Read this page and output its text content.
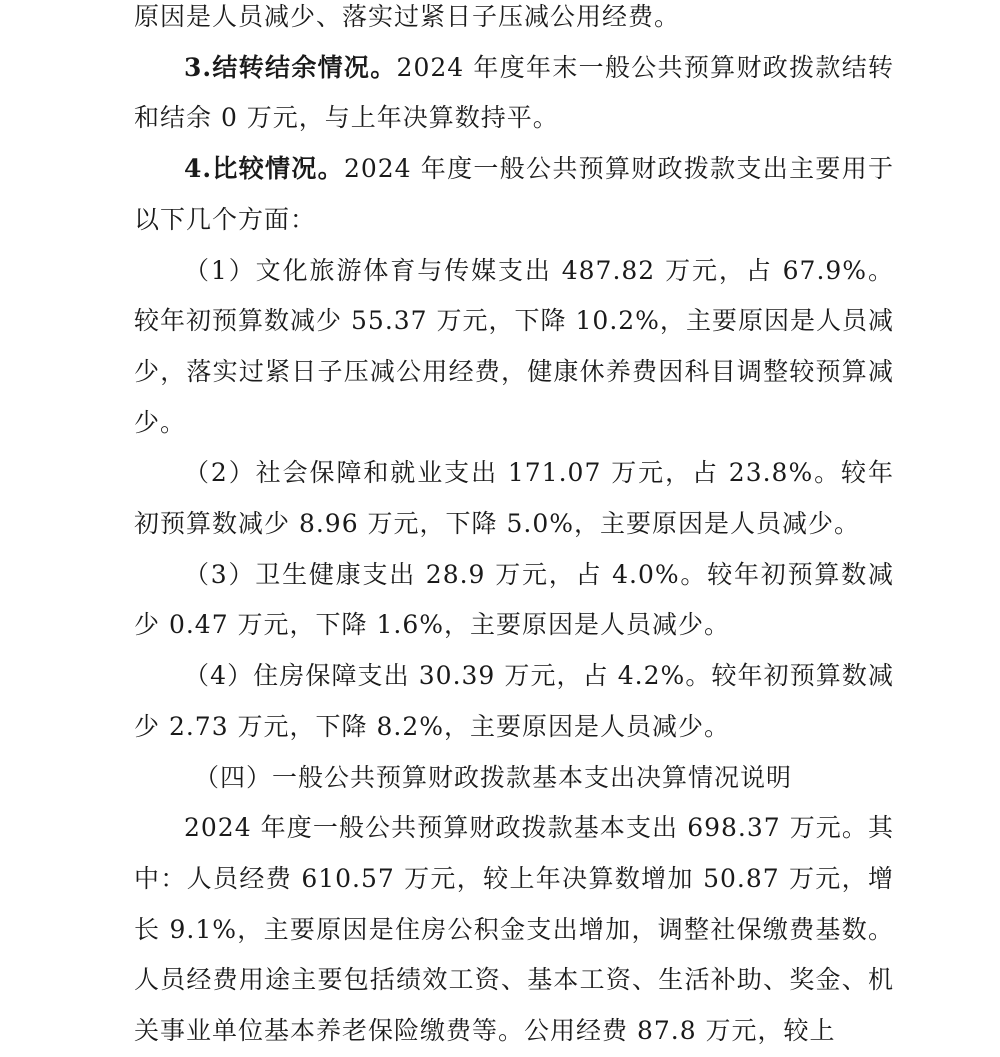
原因是人员减少、落实过紧日子压减公用经费。

3.结转结余情况。2024 年度年末一般公共预算财政拨款结转和结余 0 万元，与上年决算数持平。

4.比较情况。2024 年度一般公共预算财政拨款支出主要用于以下几个方面：

（1）文化旅游体育与传媒支出 487.82 万元，占 67.9%。较年初预算数减少 55.37 万元，下降 10.2%，主要原因是人员减少，落实过紧日子压减公用经费，健康休养费因科目调整较预算减少。

（2）社会保障和就业支出 171.07 万元，占 23.8%。较年初预算数减少 8.96 万元，下降 5.0%，主要原因是人员减少。

（3）卫生健康支出 28.9 万元，占 4.0%。较年初预算数减少 0.47 万元，下降 1.6%，主要原因是人员减少。

（4）住房保障支出 30.39 万元，占 4.2%。较年初预算数减少 2.73 万元，下降 8.2%，主要原因是人员减少。

（四）一般公共预算财政拨款基本支出决算情况说明

2024 年度一般公共预算财政拨款基本支出 698.37 万元。其中：人员经费 610.57 万元，较上年决算数增加 50.87 万元，增长 9.1%，主要原因是住房公积金支出增加，调整社保缴费基数。人员经费用途主要包括绩效工资、基本工资、生活补助、奖金、机关事业单位基本养老保险缴费等。公用经费 87.8 万元，较上
